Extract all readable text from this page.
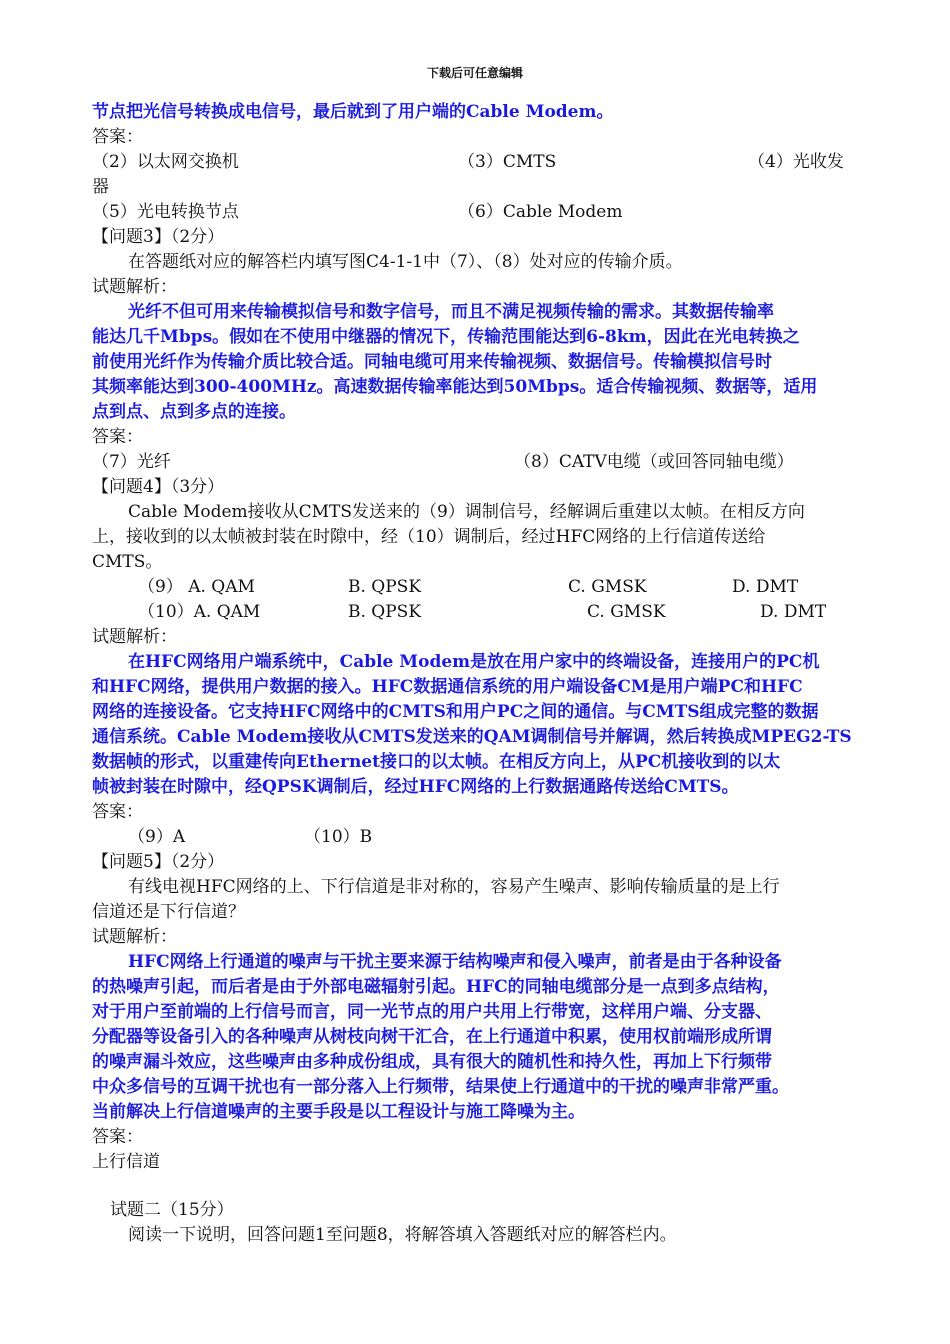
下载后可任意编辑
节点把光信号转换成电信号，最后就到了用户端的Cable Modem。
答案：
（2）以太网交换机	（3）CMTS	（4）光收发
器
（5）光电转换节点	（6）Cable Modem
【问题3】（2分）
在答题纸对应的解答栏内填写图C4-1-1中（7）、（8）处对应的传输介质。
试题解析：
光纤不但可用来传输模拟信号和数字信号，而且不满足视频传输的需求。其数据传输率
能达几千Mbps。假如在不使用中继器的情况下，传输范围能达到6-8km，因此在光电转换之
前使用光纤作为传输介质比较合适。同轴电缆可用来传输视频、数据信号。传输模拟信号时
其频率能达到300-400MHz。高速数据传输率能达到50Mbps。适合传输视频、数据等，适用
点到点、点到多点的连接。
答案：
（7）光纤	（8）CATV电缆（或回答同轴电缆）
【问题4】（3分）
Cable Modem接收从CMTS发送来的（9）调制信号，经解调后重建以太帧。在相反方向
上，接收到的以太帧被封装在时隙中，经（10）调制后，经过HFC网络的上行信道传送给
CMTS。
（9） A. QAM	B. QPSK	C. GMSK	D. DMT
（10）A. QAM	B. QPSK	C. GMSK	D. DMT
试题解析：
在HFC网络用户端系统中，Cable Modem是放在用户家中的终端设备，连接用户的PC机
和HFC网络，提供用户数据的接入。HFC数据通信系统的用户端设备CM是用户端PC和HFC
网络的连接设备。它支持HFC网络中的CMTS和用户PC之间的通信。与CMTS组成完整的数据
通信系统。Cable Modem接收从CMTS发送来的QAM调制信号并解调，然后转换成MPEG2-TS
数据帧的形式，以重建传向Ethernet接口的以太帧。在相反方向上，从PC机接收到的以太
帧被封装在时隙中，经QPSK调制后，经过HFC网络的上行数据通路传送给CMTS。
答案：
（9）A	（10）B
【问题5】（2分）
有线电视HFC网络的上、下行信道是非对称的，容易产生噪声、影响传输质量的是上行
信道还是下行信道？
试题解析：
HFC网络上行通道的噪声与干扰主要来源于结构噪声和侵入噪声，前者是由于各种设备
的热噪声引起，而后者是由于外部电磁辐射引起。HFC的同轴电缆部分是一点到多点结构，
对于用户至前端的上行信号而言，同一光节点的用户共用上行带宽，这样用户端、分支器、
分配器等设备引入的各种噪声从树枝向树干汇合，在上行通道中积累，使用权前端形成所谓
的噪声漏斗效应，这些噪声由多种成份组成，具有很大的随机性和持久性，再加上下行频带
中众多信号的互调干扰也有一部分落入上行频带，结果使上行通道中的干扰的噪声非常严重。
当前解决上行信道噪声的主要手段是以工程设计与施工降噪为主。
答案：
上行信道
试题二（15分）
阅读一下说明，回答问题1至问题8，将解答填入答题纸对应的解答栏内。
